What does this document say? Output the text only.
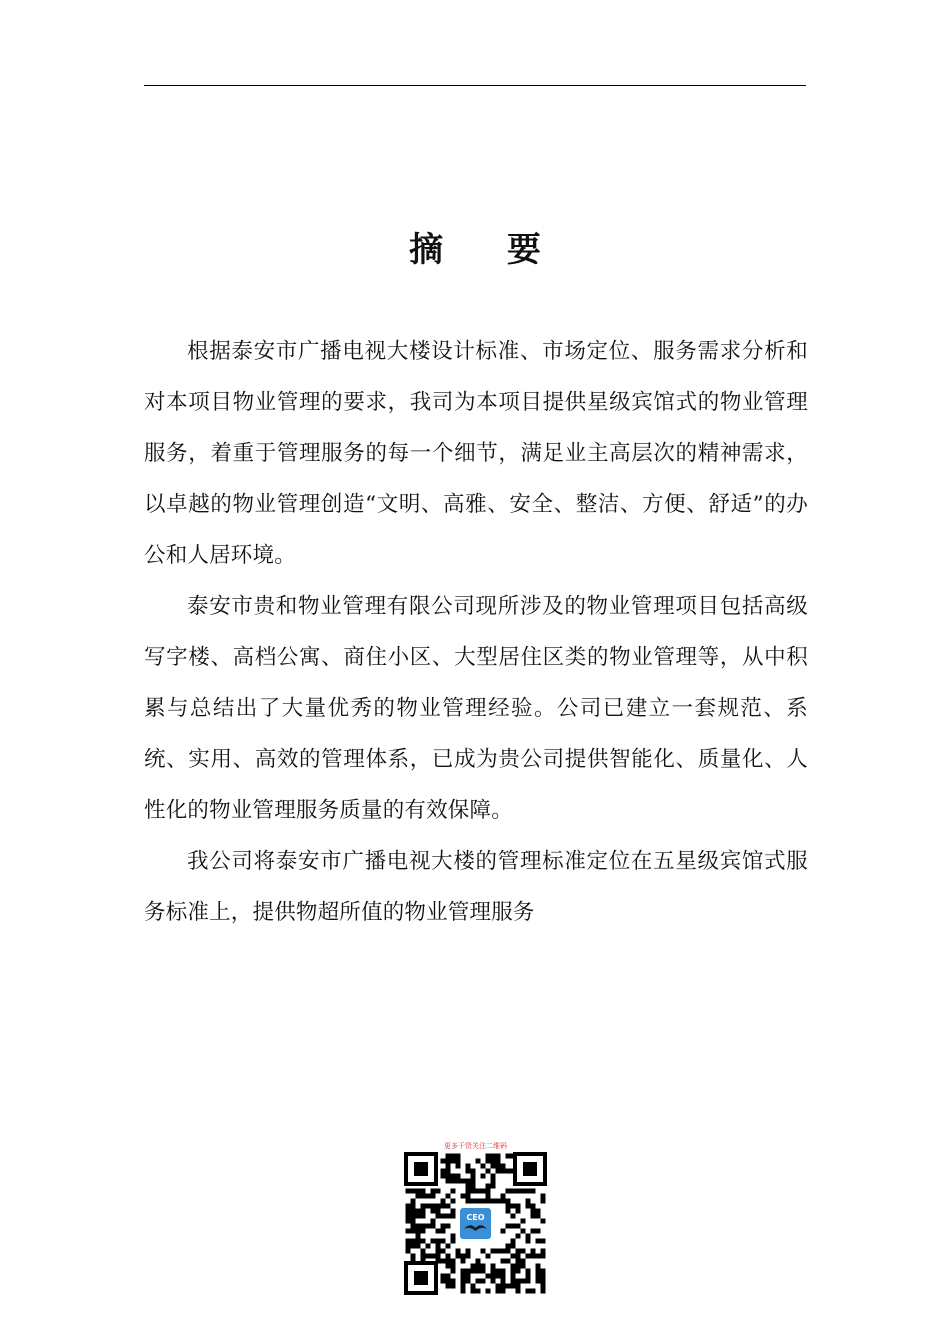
摘 要

根据泰安市广播电视大楼设计标准、市场定位、服务需求分析和对本项目物业管理的要求，我司为本项目提供星级宾馆式的物业管理服务，着重于管理服务的每一个细节，满足业主高层次的精神需求，以卓越的物业管理创造“文明、高雅、安全、整洁、方便、舒适”的办公和人居环境。

泰安市贵和物业管理有限公司现所涉及的物业管理项目包括高级写字楼、高档公寓、商住小区、大型居住区类的物业管理等，从中积累与总结出了大量优秀的物业管理经验。公司已建立一套规范、系统、实用、高效的管理体系，已成为贵公司提供智能化、质量化、人性化的物业管理服务质量的有效保障。

我公司将泰安市广播电视大楼的管理标准定位在五星级宾馆式服务标准上，提供物超所值的物业管理服务

更多干货关注二维码
CEO
